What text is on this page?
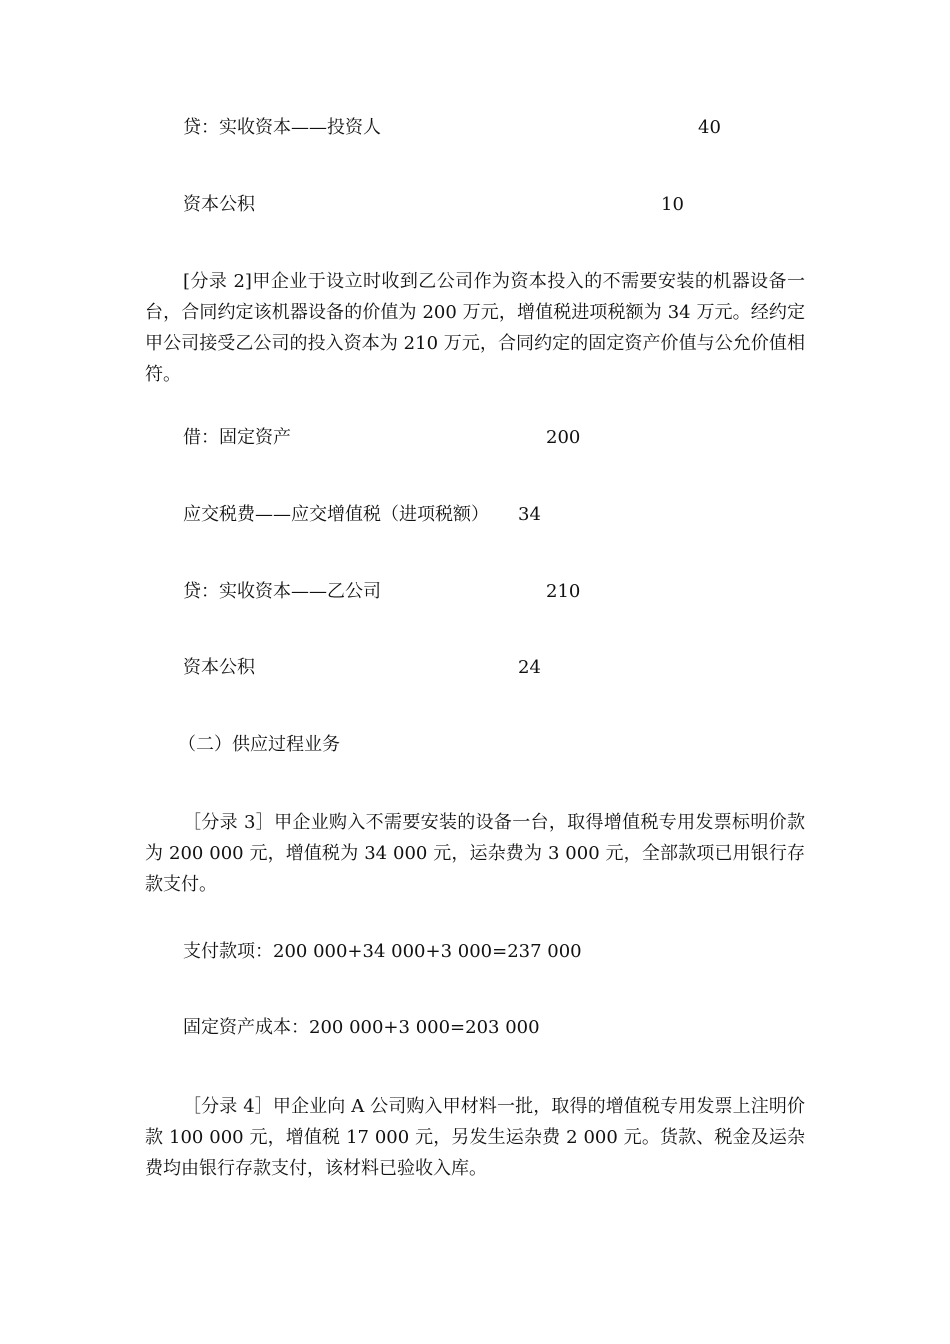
贷：实收资本——投资人	40
资本公积	10
[分录 2]甲企业于设立时收到乙公司作为资本投入的不需要安装的机器设备一台，合同约定该机器设备的价值为 200 万元，增值税进项税额为 34 万元。经约定甲公司接受乙公司的投入资本为 210 万元，合同约定的固定资产价值与公允价值相符。
借：固定资产	200
应交税费——应交增值税（进项税额） 34
贷：实收资本——乙公司	210
资本公积	24
（二）供应过程业务
［分录 3］甲企业购入不需要安装的设备一台，取得增值税专用发票标明价款为 200 000 元，增值税为 34 000 元，运杂费为 3 000 元，全部款项已用银行存款支付。
支付款项：200 000+34 000+3 000=237 000
固定资产成本：200 000+3 000=203 000
［分录 4］甲企业向 A 公司购入甲材料一批，取得的增值税专用发票上注明价款 100 000 元，增值税 17 000 元，另发生运杂费 2 000 元。货款、税金及运杂费均由银行存款支付，该材料已验收入库。
